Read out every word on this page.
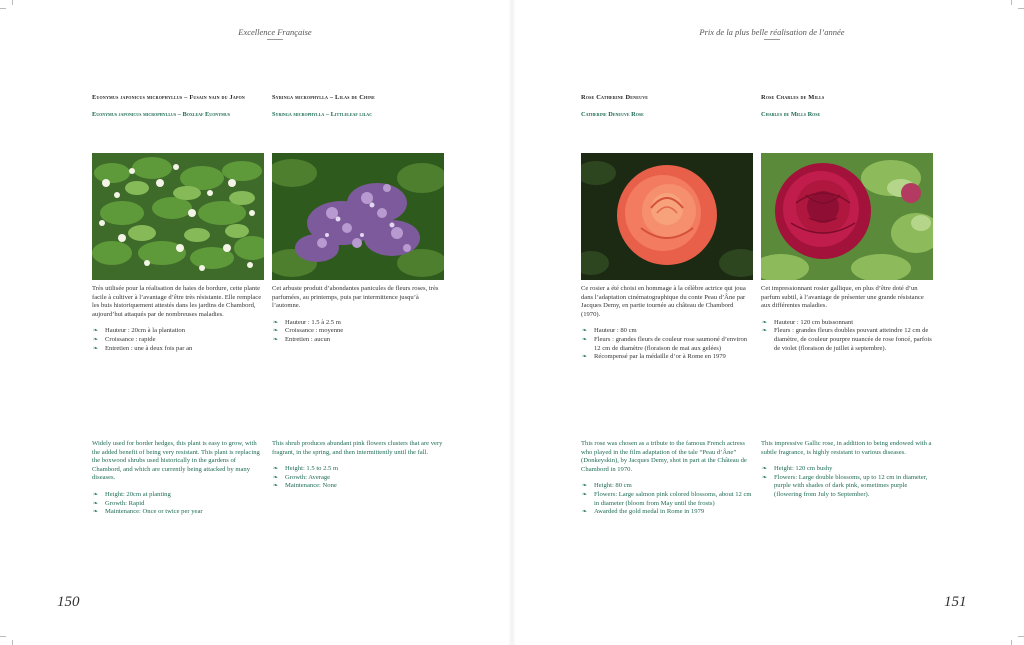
Excellence Française
Euonymus japonicus microphyllus – Fusain nain du Japon
Euonymus japonicus microphyllus – Boxleaf Euonymus

Très utilisée pour la réalisation de haies de bordure, cette plante facile à cultiver à l’avantage d’être très résistante. Elle remplace les buis historiquement attestés dans les jardins de Chambord, aujourd’hui attaqués par de nombreuses maladies.

❧ Hauteur : 20cm à la plantation
❧ Croissance : rapide
❧ Entretien : une à deux fois par an

Widely used for border hedges, this plant is easy to grow, with the added benefit of being very resistant. This plant is replacing the boxwood shrubs used historically in the gardens of Chambord, and which are currently being attacked by many diseases.

❧ Height: 20cm at planting
❧ Growth: Rapid
❧ Maintenance: Once or twice per year
Syringa microphylla – Lilas de Chine
Syringa microphylla – Littleleaf lilac

Cet arbuste produit d’abondantes panicules de fleurs roses, très parfumées, au printemps, puis par intermittence jusqu’à l’automne.

❧ Hauteur : 1.5 à 2.5 m
❧ Croissance : moyenne
❧ Entretien : aucun

This shrub produces abundant pink flowers clusters that are very fragrant, in the spring, and then intermittently until the fall.

❧ Height: 1.5 to 2.5 m
❧ Growth: Average
❧ Maintenance: None
150
Prix de la plus belle réalisation de l’année
Rose Catherine Deneuve
Catherine Deneuve Rose

Ce rosier a été choisi en hommage à la célèbre actrice qui joua dans l’adaptation cinématographique du conte Peau d’Âne par Jacques Demy, en partie tournée au château de Chambord (1970).

❧ Hauteur : 80 cm
❧ Fleurs : grandes fleurs de couleur rose saumoné d’environ 12 cm de diamètre (floraison de mai aux gelées)
❧ Récompensé par la médaille d’or à Rome en 1979

This rose was chosen as a tribute to the famous French actress who played in the film adaptation of the tale “Peau d’Âne” (Donkeyskin), by Jacques Demy, shot in part at the Château de Chambord in 1970.

❧ Height: 80 cm
❧ Flowers: Large salmon pink colored blossoms, about 12 cm in diameter (bloom from May until the frosts)
❧ Awarded the gold medal in Rome in 1979
Rose Charles de Mills
Charles de Mills Rose

Cet impressionnant rosier gallique, en plus d’être doté d’un parfum subtil, à l’avantage de présenter une grande résistance aux différentes maladies.

❧ Hauteur : 120 cm buissonnant
❧ Fleurs : grandes fleurs doubles pouvant atteindre 12 cm de diamètre, de couleur pourpre nuancée de rose foncé, parfois de violet (floraison de juillet à septembre).

This impressive Gallic rose, in addition to being endowed with a subtle fragrance, is highly resistant to various diseases.

❧ Height: 120 cm bushy
❧ Flowers: Large double blossoms, up to 12 cm in diameter, purple with shades of dark pink, sometimes purple (flowering from July to September).
151
